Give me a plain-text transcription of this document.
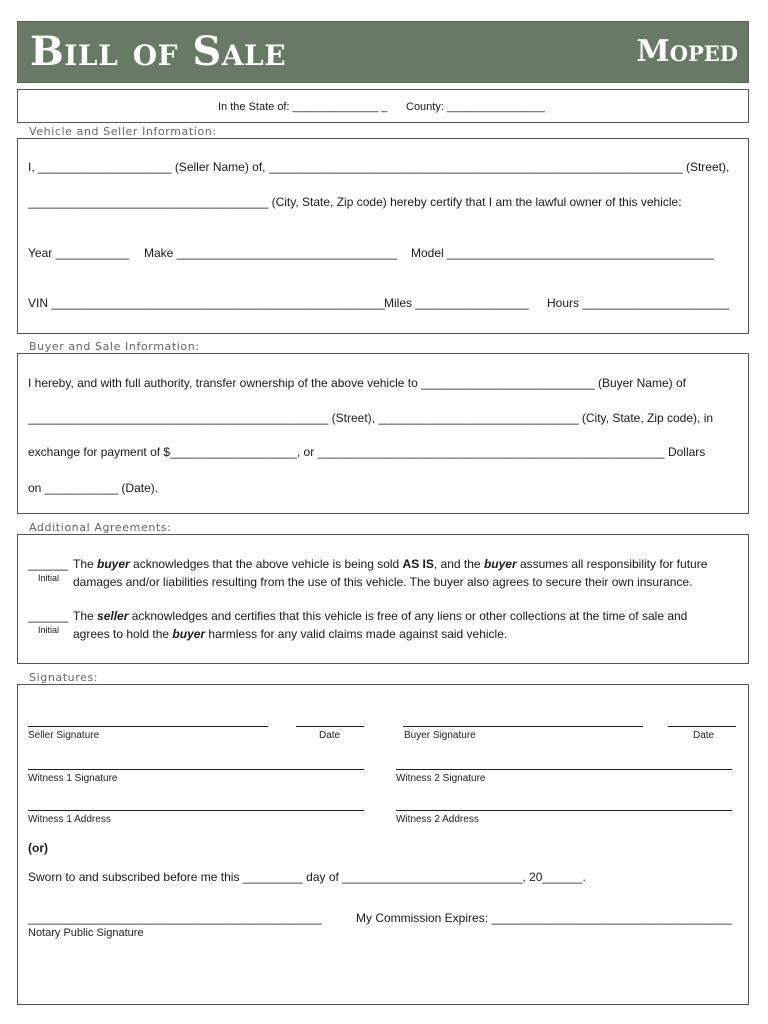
Bill of Sale	Moped
In the State of: ______________ _ County: ________________
Vehicle and Seller Information:
I, ____________________ (Seller Name) of, ______________________________________________________________ (Street),
____________________________________ (City, State, Zip code) hereby certify that I am the lawful owner of this vehicle:
Year ___________ Make _________________________________ Model ________________________________________
VIN __________________________________________________
Miles _________________ Hours ______________________
Buyer and Sale Information:
I hereby, and with full authority, transfer ownership of the above vehicle to __________________________ (Buyer Name) of
_____________________________________________ (Street), ______________________________ (City, State, Zip code), in
exchange for payment of $___________________, or ____________________________________________________ Dollars
on ___________ (Date).
Additional Agreements:
______
Initial
The buyer acknowledges that the above vehicle is being sold AS IS, and the buyer assumes all responsibility for future
damages and/or liabilities resulting from the use of this vehicle. The buyer also agrees to secure their own insurance.
______
Initial
The seller acknowledges and certifies that this vehicle is free of any liens or other collections at the time of sale and
agrees to hold the buyer harmless for any valid claims made against said vehicle.
Signatures:
Seller Signature	Date	Buyer Signature	Date
Witness 1 Signature	Witness 2 Signature
Witness 1 Address	Witness 2 Address
(or)
Sworn to and subscribed before me this _________ day of ___________________________, 20______.
____________________________________________	My Commission Expires: ____________________________________
Notary Public Signature
